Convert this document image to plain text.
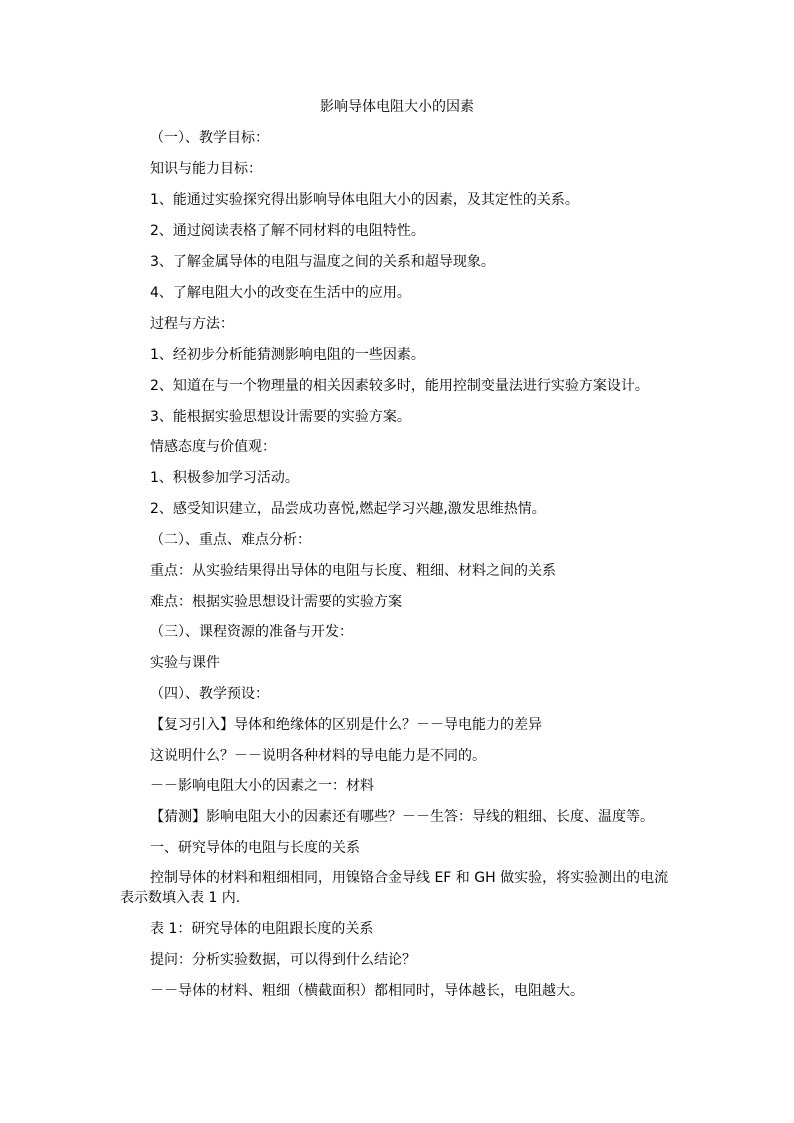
影响导体电阻大小的因素
（一）、教学目标：
知识与能力目标：
1、能通过实验探究得出影响导体电阻大小的因素，及其定性的关系。
2、通过阅读表格了解不同材料的电阻特性。
3、了解金属导体的电阻与温度之间的关系和超导现象。
4、了解电阻大小的改变在生活中的应用。
过程与方法：
1、经初步分析能猜测影响电阻的一些因素。
2、知道在与一个物理量的相关因素较多时，能用控制变量法进行实验方案设计。
3、能根据实验思想设计需要的实验方案。
情感态度与价值观：
1、积极参加学习活动。
2、感受知识建立，品尝成功喜悦,燃起学习兴趣,激发思维热情。
（二）、重点、难点分析：
重点：从实验结果得出导体的电阻与长度、粗细、材料之间的关系
难点：根据实验思想设计需要的实验方案
（三）、课程资源的准备与开发：
实验与课件
（四）、教学预设：
【复习引入】导体和绝缘体的区别是什么？－－导电能力的差异
这说明什么？－－说明各种材料的导电能力是不同的。
－－影响电阻大小的因素之一：材料
【猜测】影响电阻大小的因素还有哪些？－－生答：导线的粗细、长度、温度等。
一、研究导体的电阻与长度的关系
控制导体的材料和粗细相同，用镍铬合金导线 EF 和 GH 做实验，将实验测出的电流表示数填入表 1 内.
表 1：研究导体的电阻跟长度的关系
提问：分析实验数据，可以得到什么结论？
－－导体的材料、粗细（横截面积）都相同时，导体越长，电阻越大。
